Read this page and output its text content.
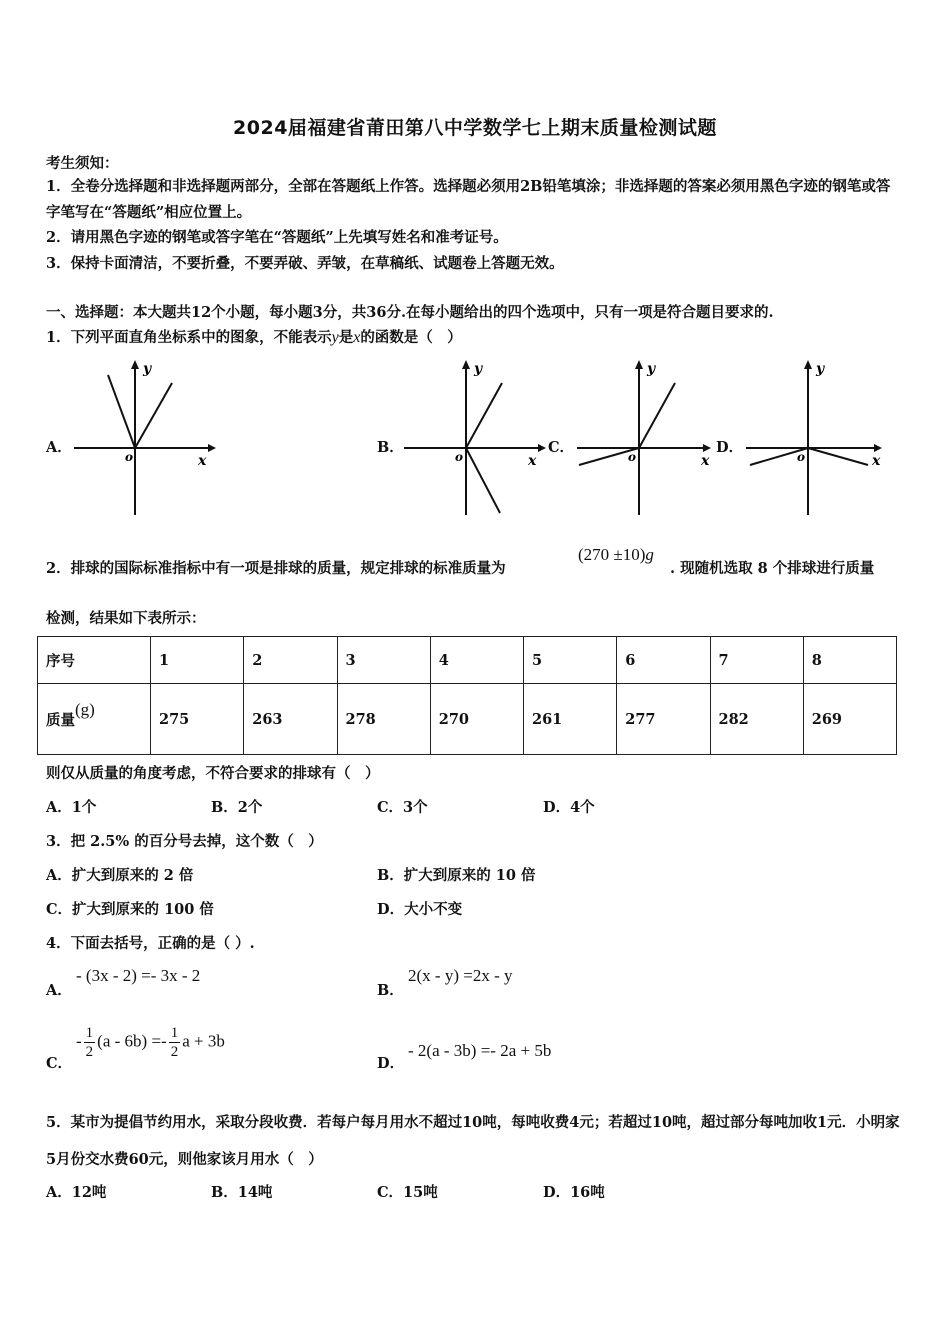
2024届福建省莆田第八中学数学七上期末质量检测试题
考生须知：
1．全卷分选择题和非选择题两部分，全部在答题纸上作答。选择题必须用2B铅笔填涂；非选择题的答案必须用黑色字迹的钢笔或答字笔写在“答题纸”相应位置上。
2．请用黑色字迹的钢笔或答字笔在“答题纸”上先填写姓名和准考证号。
3．保持卡面清洁，不要折叠，不要弄破、弄皱，在草稿纸、试题卷上答题无效。
一、选择题：本大题共12个小题，每小题3分，共36分.在每小题给出的四个选项中，只有一项是符合题目要求的.
1．下列平面直角坐标系中的图象，不能表示y是x的函数是（　）
A．
y
x
o
B．
y
x
o
C．
y
x
o
D．
y
x
o
2．排球的国际标准指标中有一项是排球的质量，规定排球的标准质量为
(270 ±10)g
. 现随机选取 8 个排球进行质量
检测，结果如下表所示：
序号	1	2	3	4	5	6	7	8
质量(g)	275	263	278	270	261	277	282	269
则仅从质量的角度考虑，不符合要求的排球有（　）
A．1个	B．2个	C．3个	D．4个
3．把 2.5% 的百分号去掉，这个数（　）
A．扩大到原来的 2 倍	B．扩大到原来的 10 倍
C．扩大到原来的 100 倍	D．大小不变
4．下面去括号，正确的是（ ）.
A．
- (3x - 2) =- 3x - 2
B．
2(x - y) =2x - y
C．
- $\frac{1}{2} (a - 6b) =- \frac{1}{2}$ a + 3b
D．
- 2(a - 3b) =- 2a + 5b
5．某市为提倡节约用水，采取分段收费．若每户每月用水不超过10吨，每吨收费4元；若超过10吨，超过部分每吨加收1元．小明家5月份交水费60元，则他家该月用水（　）
A．12吨	B．14吨	C．15吨	D．16吨
